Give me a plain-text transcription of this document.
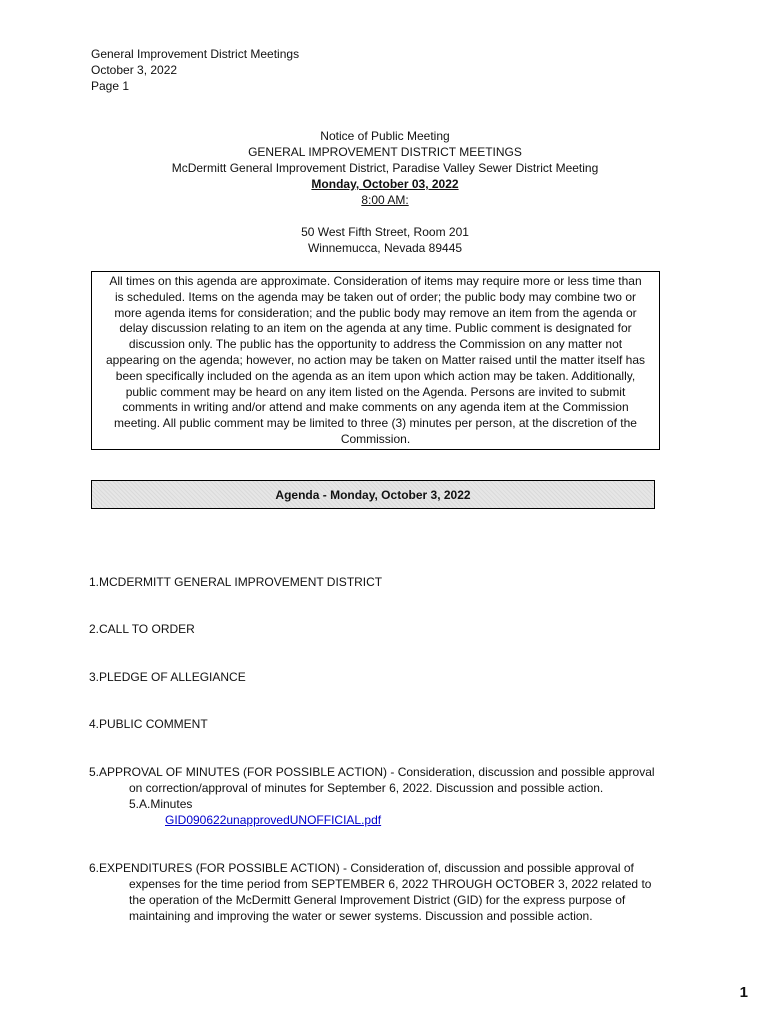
General Improvement District Meetings
October 3, 2022
Page 1
Notice of Public Meeting
GENERAL IMPROVEMENT DISTRICT MEETINGS
McDermitt General Improvement District, Paradise Valley Sewer District Meeting
Monday, October 03, 2022
8:00 AM:
50 West Fifth Street, Room 201
Winnemucca, Nevada 89445
All times on this agenda are approximate. Consideration of items may require more or less time than
is scheduled. Items on the agenda may be taken out of order; the public body may combine two or
more agenda items for consideration; and the public body may remove an item from the agenda or
delay discussion relating to an item on the agenda at any time. Public comment is designated for
discussion only. The public has the opportunity to address the Commission on any matter not
appearing on the agenda; however, no action may be taken on Matter raised until the matter itself has
been specifically included on the agenda as an item upon which action may be taken. Additionally,
public comment may be heard on any item listed on the Agenda. Persons are invited to submit
comments in writing and/or attend and make comments on any agenda item at the Commission
meeting. All public comment may be limited to three (3) minutes per person, at the discretion of the
Commission.
Agenda - Monday, October 3, 2022
1.MCDERMITT GENERAL IMPROVEMENT DISTRICT
2.CALL TO ORDER
3.PLEDGE OF ALLEGIANCE
4.PUBLIC COMMENT
5.APPROVAL OF MINUTES (FOR POSSIBLE ACTION) - Consideration, discussion and possible approval
on correction/approval of minutes for September 6, 2022. Discussion and possible action.
5.A.Minutes
GID090622unapprovedUNOFFICIAL.pdf
6.EXPENDITURES (FOR POSSIBLE ACTION) - Consideration of, discussion and possible approval of
expenses for the time period from SEPTEMBER 6, 2022 THROUGH OCTOBER 3, 2022 related to
the operation of the McDermitt General Improvement District (GID) for the express purpose of
maintaining and improving the water or sewer systems. Discussion and possible action.
1
